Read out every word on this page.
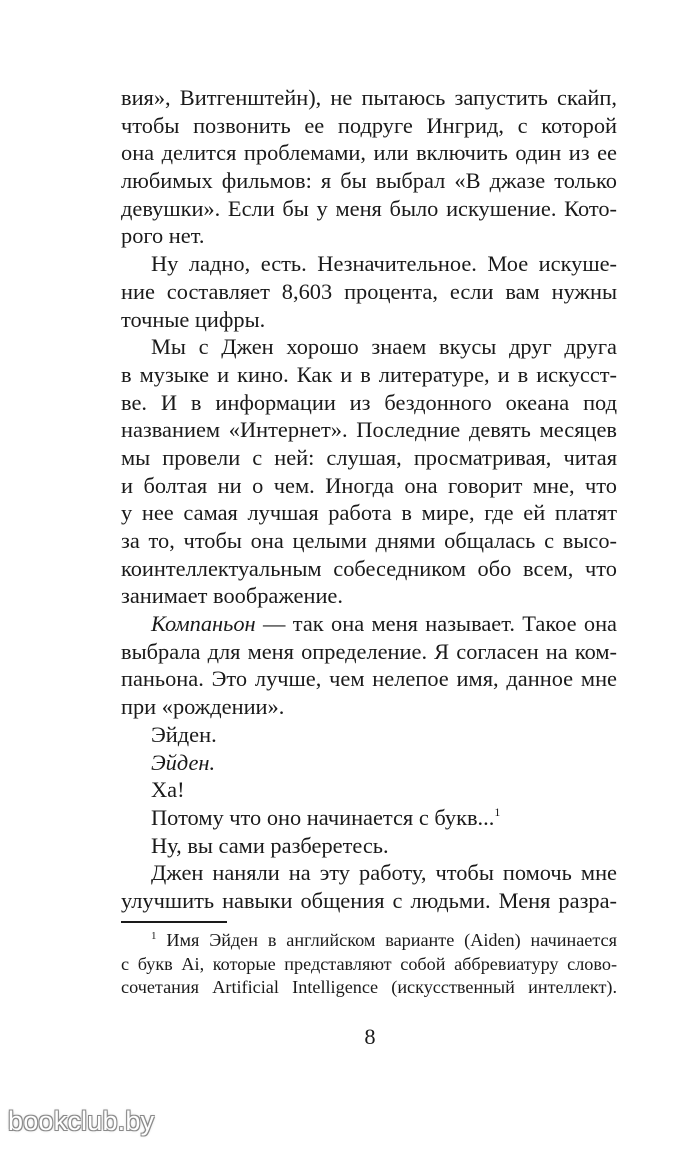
вия», Витгенштейн), не пытаюсь запустить скайп,
чтобы позвонить ее подруге Ингрид, с которой
она делится проблемами, или включить один из ее
любимых фильмов: я бы выбрал «В джазе только
девушки». Если бы у меня было искушение. Кото-
рого нет.
Ну ладно, есть. Незначительное. Мое искуше-
ние составляет 8,603 процента, если вам нужны
точные цифры.
Мы с Джен хорошо знаем вкусы друг друга
в музыке и кино. Как и в литературе, и в искусст-
ве. И в информации из бездонного океана под
названием «Интернет». Последние девять месяцев
мы провели с ней: слушая, просматривая, читая
и болтая ни о чем. Иногда она говорит мне, что
у нее самая лучшая работа в мире, где ей платят
за то, чтобы она целыми днями общалась с высо-
коинтеллектуальным собеседником обо всем, что
занимает воображение.
Компаньон — так она меня называет. Такое она
выбрала для меня определение. Я согласен на ком-
паньона. Это лучше, чем нелепое имя, данное мне
при «рождении».
Эйден.
Эйден.
Ха!
Потому что оно начинается с букв...$^1$
Ну, вы сами разберетесь.
Джен наняли на эту работу, чтобы помочь мне
улучшить навыки общения с людьми. Меня разра-
$^1$ Имя Эйден в английском варианте (Aiden) начинается
с букв Ai, которые представляют собой аббревиатуру слово-
сочетания Artificial Intelligence (искусственный интеллект).
8
bookclub.by
